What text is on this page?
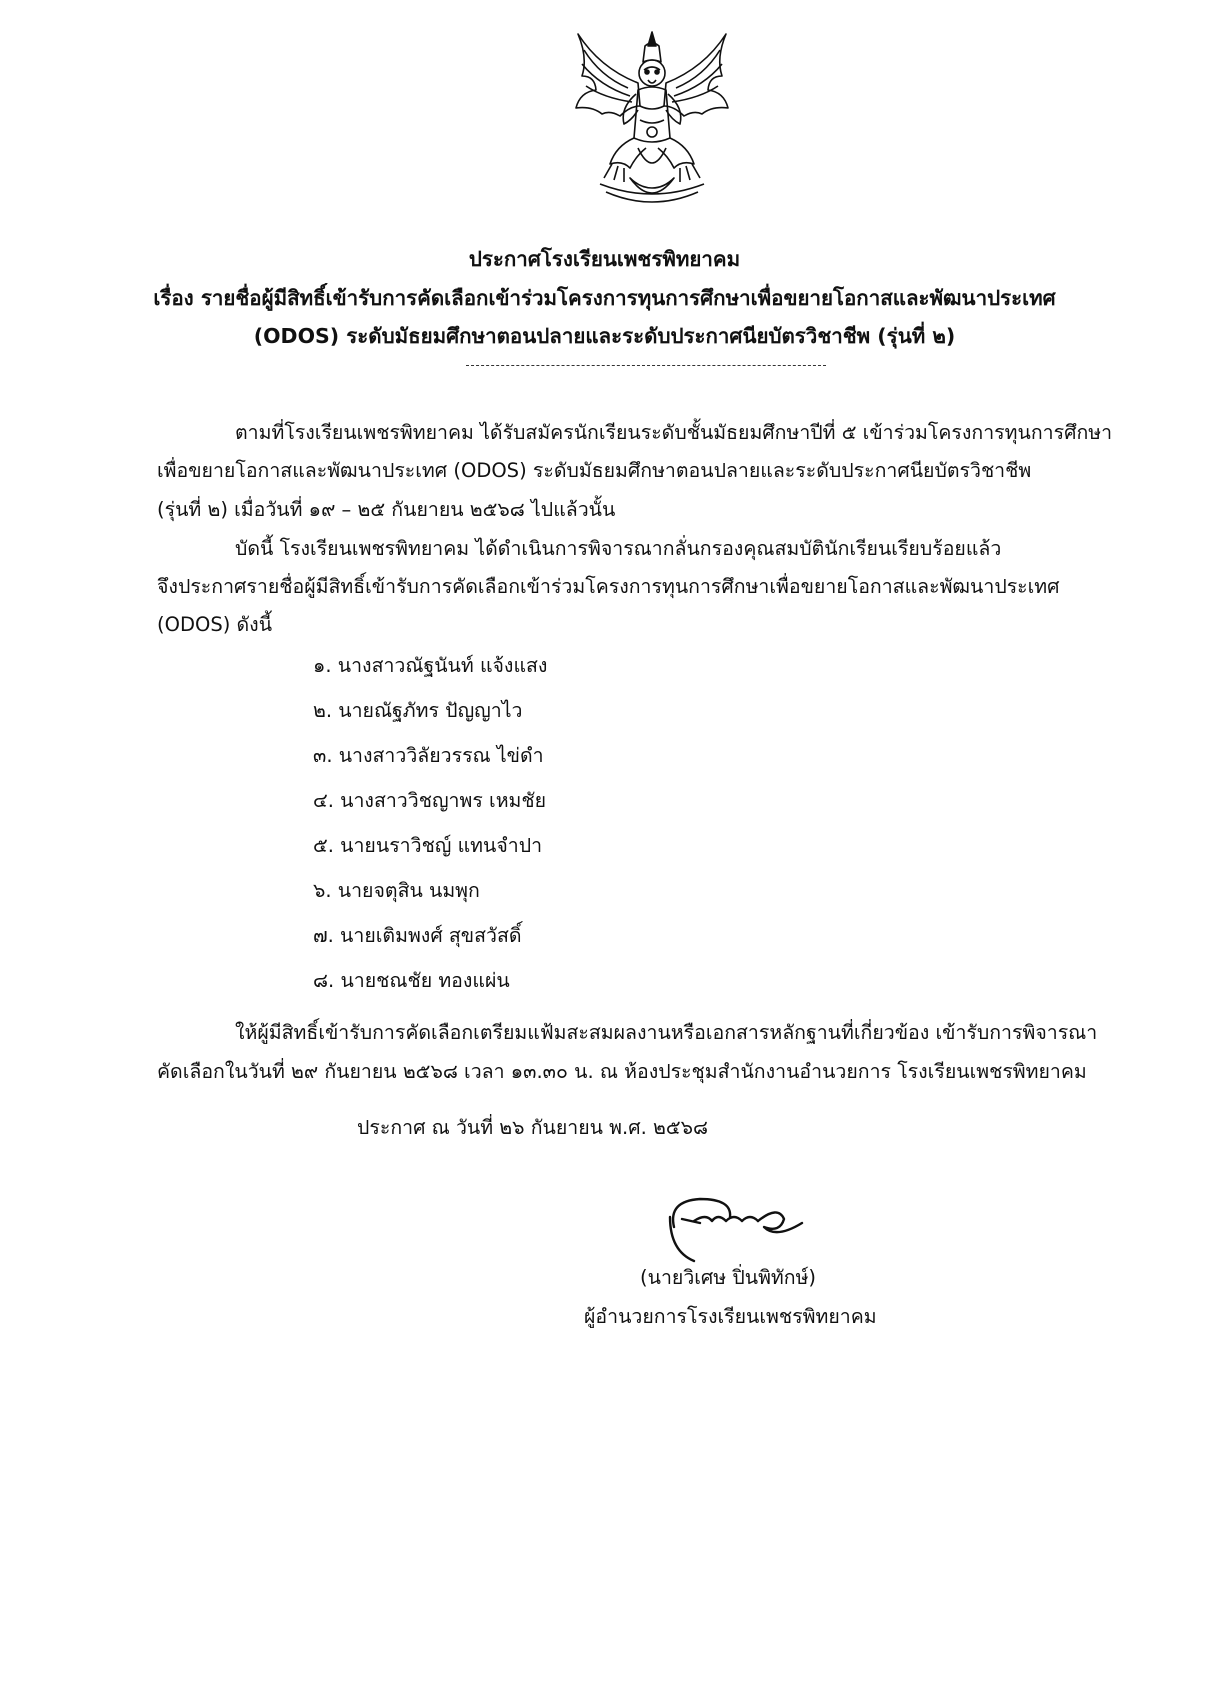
ประกาศโรงเรียนเพชรพิทยาคม
เรื่อง รายชื่อผู้มีสิทธิ์เข้ารับการคัดเลือกเข้าร่วมโครงการทุนการศึกษาเพื่อขยายโอกาสและพัฒนาประเทศ
(ODOS) ระดับมัธยมศึกษาตอนปลายและระดับประกาศนียบัตรวิชาชีพ (รุ่นที่ ๒)
ตามที่โรงเรียนเพชรพิทยาคม ได้รับสมัครนักเรียนระดับชั้นมัธยมศึกษาปีที่ ๕ เข้าร่วมโครงการทุนการศึกษา
เพื่อขยายโอกาสและพัฒนาประเทศ (ODOS) ระดับมัธยมศึกษาตอนปลายและระดับประกาศนียบัตรวิชาชีพ
(รุ่นที่ ๒) เมื่อวันที่ ๑๙ – ๒๕ กันยายน ๒๕๖๘ ไปแล้วนั้น
บัดนี้ โรงเรียนเพชรพิทยาคม ได้ดำเนินการพิจารณากลั่นกรองคุณสมบัตินักเรียนเรียบร้อยแล้ว
จึงประกาศรายชื่อผู้มีสิทธิ์เข้ารับการคัดเลือกเข้าร่วมโครงการทุนการศึกษาเพื่อขยายโอกาสและพัฒนาประเทศ
(ODOS) ดังนี้
๑. นางสาวณัฐนันท์ แจ้งแสง
๒. นายณัฐภัทร ปัญญาไว
๓. นางสาววิลัยวรรณ ไข่ดำ
๔. นางสาววิชญาพร เหมชัย
๕. นายนราวิชญ์ แทนจำปา
๖. นายจตุสิน นมพุก
๗. นายเติมพงศ์ สุขสวัสดิ์
๘. นายชณชัย ทองแผ่น
ให้ผู้มีสิทธิ์เข้ารับการคัดเลือกเตรียมแฟ้มสะสมผลงานหรือเอกสารหลักฐานที่เกี่ยวข้อง เข้ารับการพิจารณา
คัดเลือกในวันที่ ๒๙ กันยายน ๒๕๖๘ เวลา ๑๓.๓๐ น. ณ ห้องประชุมสำนักงานอำนวยการ โรงเรียนเพชรพิทยาคม
ประกาศ ณ วันที่ ๒๖ กันยายน พ.ศ. ๒๕๖๘
(นายวิเศษ ปิ่นพิทักษ์)
ผู้อำนวยการโรงเรียนเพชรพิทยาคม
